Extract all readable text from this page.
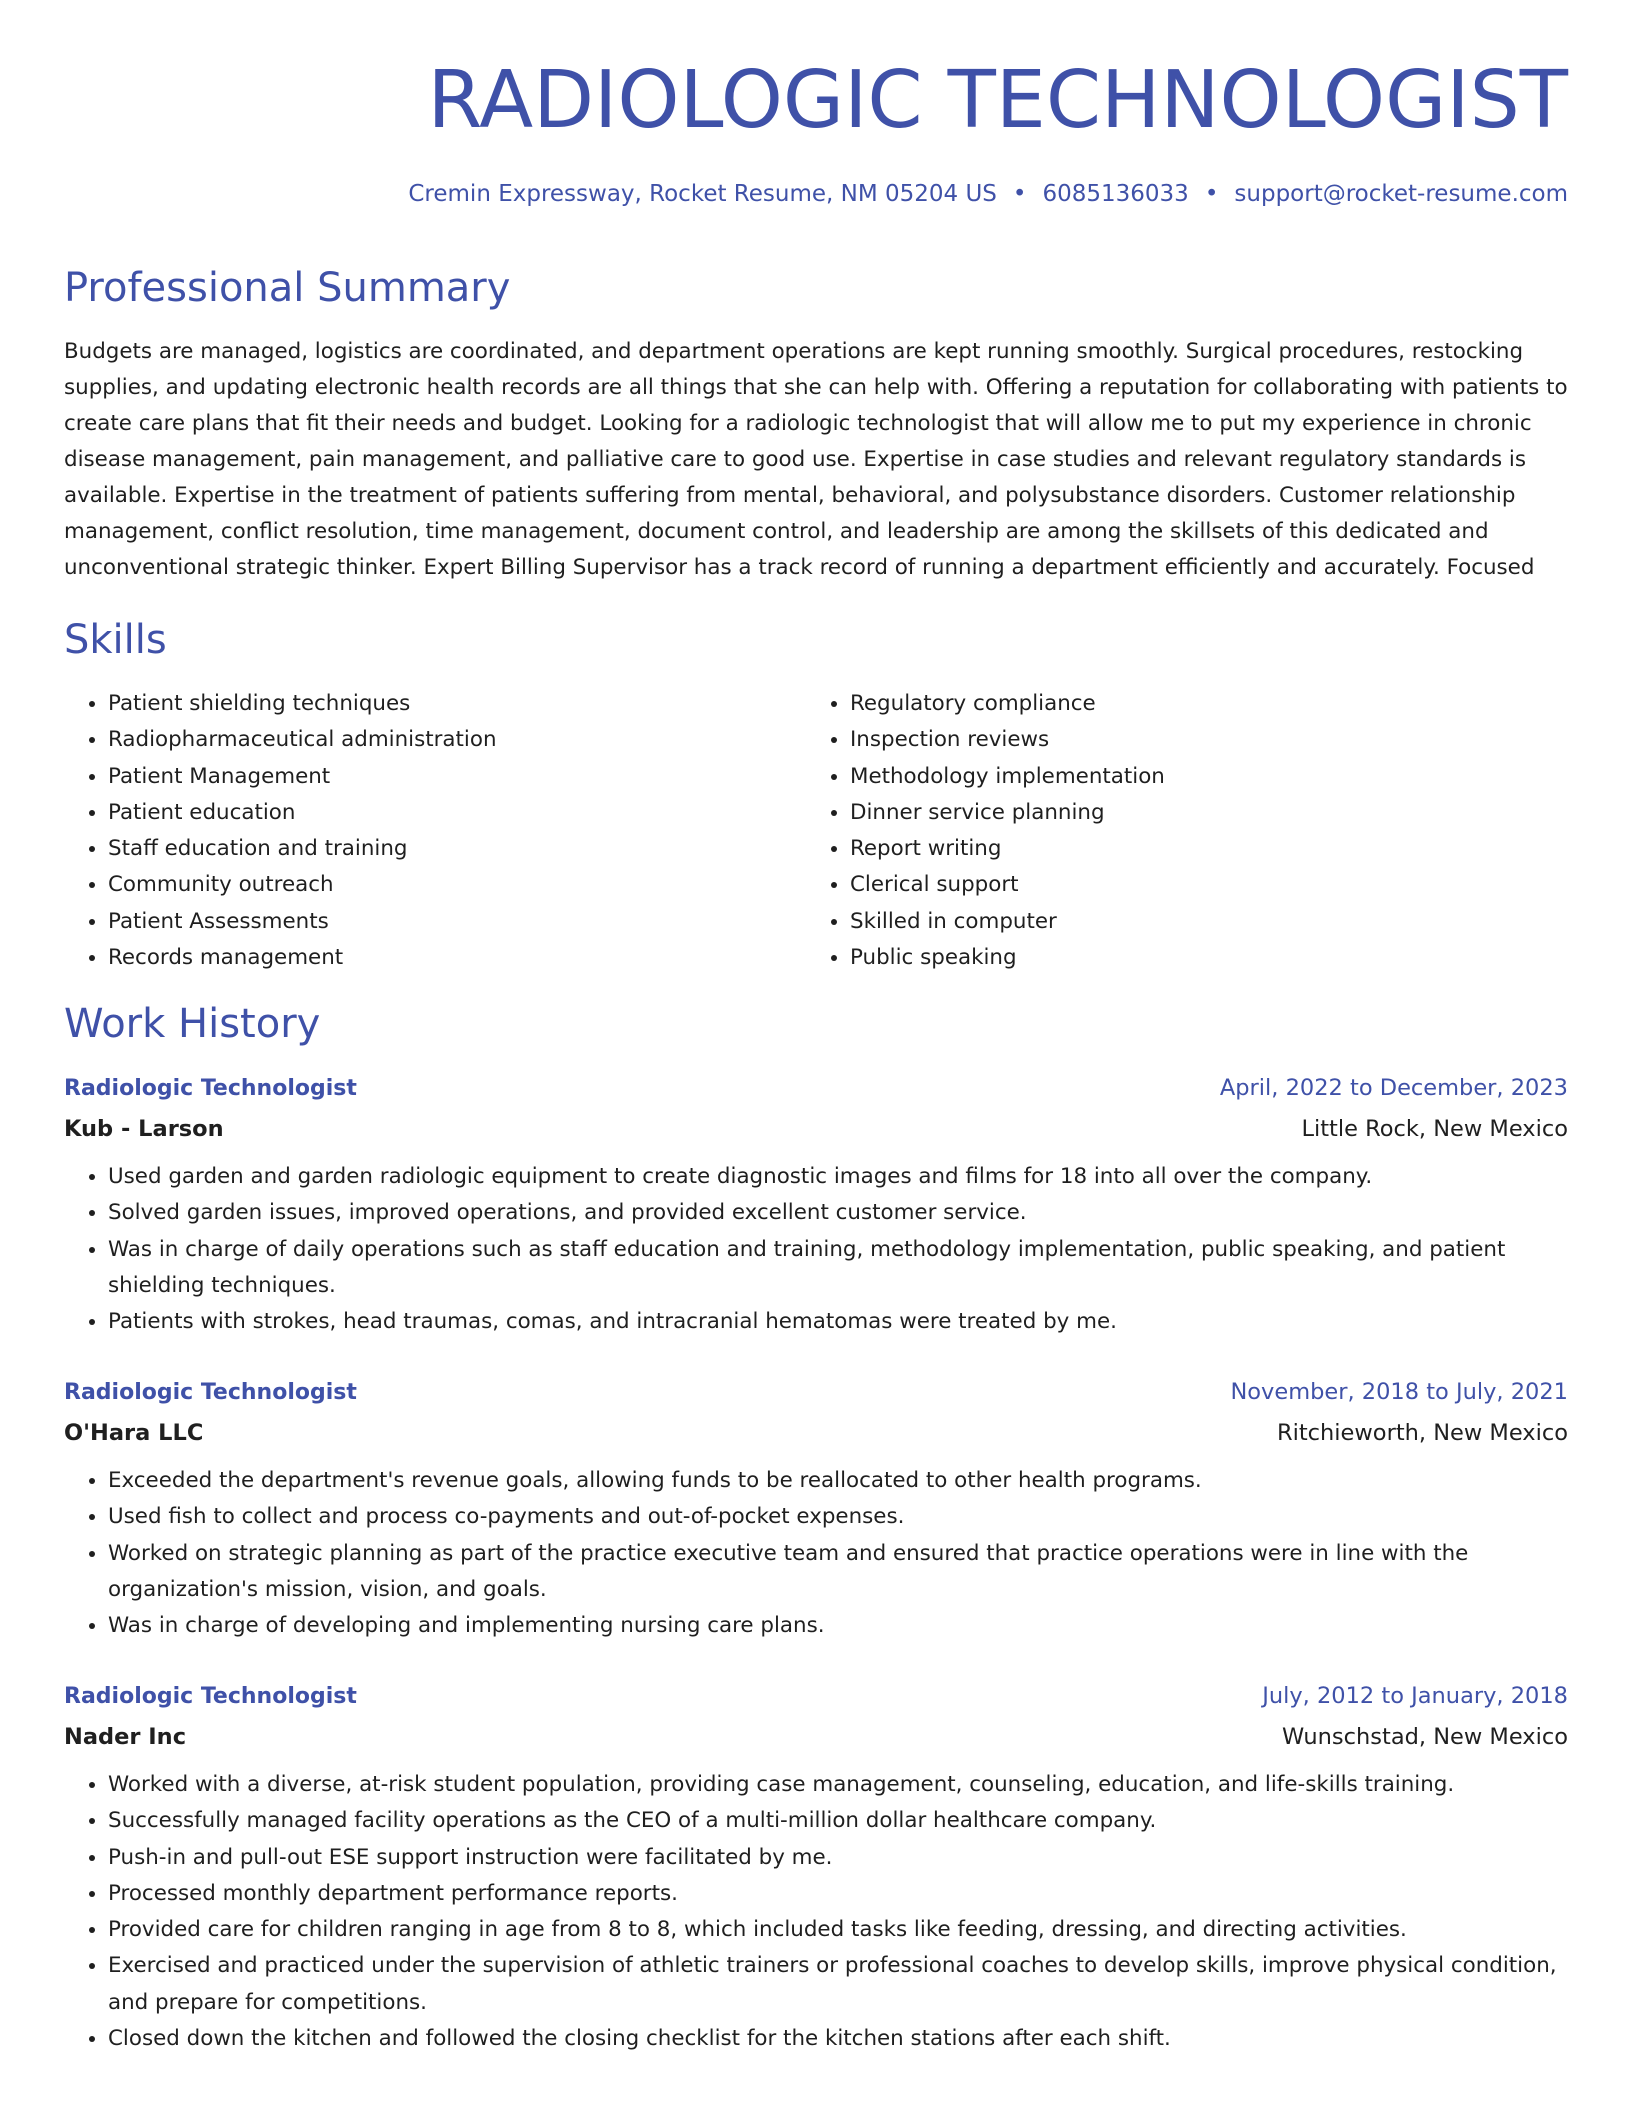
RADIOLOGIC TECHNOLOGIST
Cremin Expressway, Rocket Resume, NM 05204 US • 6085136033 • support@rocket-resume.com
Professional Summary
Budgets are managed, logistics are coordinated, and department operations are kept running smoothly. Surgical procedures, restocking supplies, and updating electronic health records are all things that she can help with. Offering a reputation for collaborating with patients to create care plans that fit their needs and budget. Looking for a radiologic technologist that will allow me to put my experience in chronic disease management, pain management, and palliative care to good use. Expertise in case studies and relevant regulatory standards is available. Expertise in the treatment of patients suffering from mental, behavioral, and polysubstance disorders. Customer relationship management, conflict resolution, time management, document control, and leadership are among the skillsets of this dedicated and unconventional strategic thinker. Expert Billing Supervisor has a track record of running a department efficiently and accurately. Focused
Skills
• Patient shielding techniques
• Radiopharmaceutical administration
• Patient Management
• Patient education
• Staff education and training
• Community outreach
• Patient Assessments
• Records management
• Regulatory compliance
• Inspection reviews
• Methodology implementation
• Dinner service planning
• Report writing
• Clerical support
• Skilled in computer
• Public speaking
Work History
Radiologic Technologist	April, 2022 to December, 2023
Kub - Larson	Little Rock, New Mexico
• Used garden and garden radiologic equipment to create diagnostic images and films for 18 into all over the company.
• Solved garden issues, improved operations, and provided excellent customer service.
• Was in charge of daily operations such as staff education and training, methodology implementation, public speaking, and patient shielding techniques.
• Patients with strokes, head traumas, comas, and intracranial hematomas were treated by me.
Radiologic Technologist	November, 2018 to July, 2021
O'Hara LLC	Ritchieworth, New Mexico
• Exceeded the department's revenue goals, allowing funds to be reallocated to other health programs.
• Used fish to collect and process co-payments and out-of-pocket expenses.
• Worked on strategic planning as part of the practice executive team and ensured that practice operations were in line with the organization's mission, vision, and goals.
• Was in charge of developing and implementing nursing care plans.
Radiologic Technologist	July, 2012 to January, 2018
Nader Inc	Wunschstad, New Mexico
• Worked with a diverse, at-risk student population, providing case management, counseling, education, and life-skills training.
• Successfully managed facility operations as the CEO of a multi-million dollar healthcare company.
• Push-in and pull-out ESE support instruction were facilitated by me.
• Processed monthly department performance reports.
• Provided care for children ranging in age from 8 to 8, which included tasks like feeding, dressing, and directing activities.
• Exercised and practiced under the supervision of athletic trainers or professional coaches to develop skills, improve physical condition, and prepare for competitions.
• Closed down the kitchen and followed the closing checklist for the kitchen stations after each shift.
